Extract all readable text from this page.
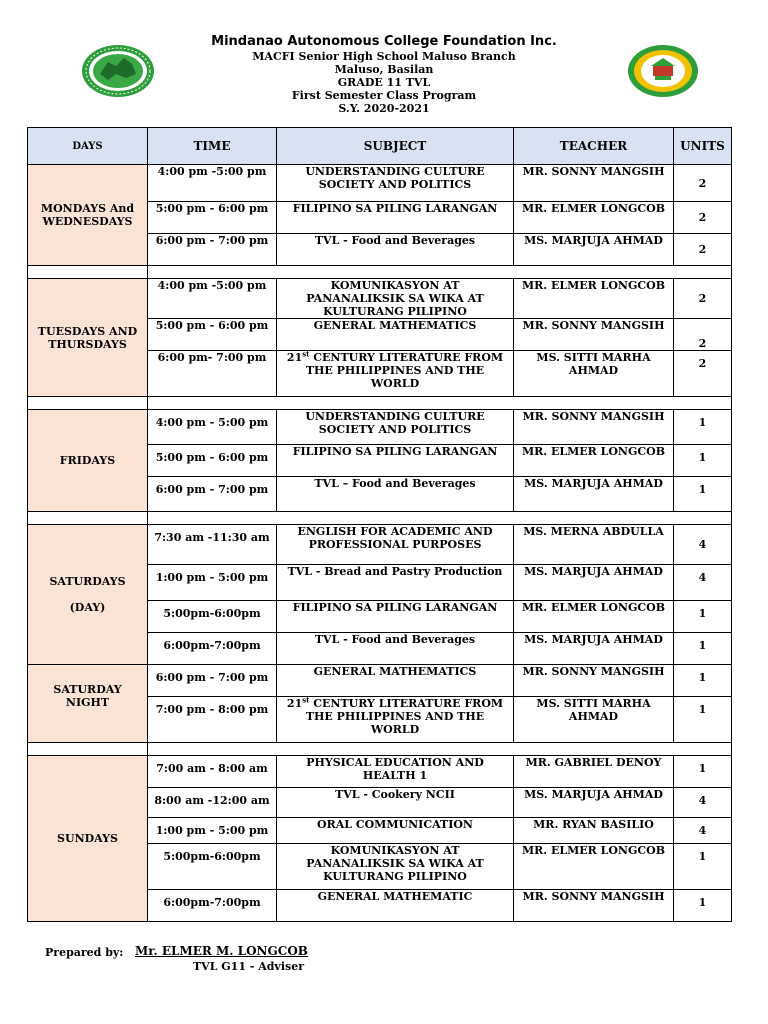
Mindanao Autonomous College Foundation Inc.
MACFI Senior High School Maluso Branch
Maluso, Basilan
GRADE 11 TVL
First Semester Class Program
S.Y. 2020-2021
DAYS	TIME	SUBJECT	TEACHER	UNITS
MONDAYS And WEDNESDAYS	4:00 pm -5:00 pm	UNDERSTANDING CULTURE SOCIETY AND POLITICS	MR. SONNY MANGSIH	2
	5:00 pm - 6:00 pm	FILIPINO SA PILING LARANGAN	MR. ELMER LONGCOB	2
	6:00 pm - 7:00 pm	TVL - Food and Beverages	MS. MARJUJA AHMAD	2

TUESDAYS AND THURSDAYS	4:00 pm -5:00 pm	KOMUNIKASYON AT PANANALIKSIK SA WIKA AT KULTURANG PILIPINO	MR. ELMER LONGCOB	2
	5:00 pm - 6:00 pm	GENERAL MATHEMATICS	MR. SONNY MANGSIH	2
	6:00 pm- 7:00 pm	21st CENTURY LITERATURE FROM THE PHILIPPINES AND THE WORLD	MS. SITTI MARHA AHMAD	2

FRIDAYS	4:00 pm - 5:00 pm	UNDERSTANDING CULTURE SOCIETY AND POLITICS	MR. SONNY MANGSIH	1
	5:00 pm - 6:00 pm	FILIPINO SA PILING LARANGAN	MR. ELMER LONGCOB	1
	6:00 pm - 7:00 pm	TVL – Food and Beverages	MS. MARJUJA AHMAD	1

SATURDAYS

(DAY)	7:30 am -11:30 am	ENGLISH FOR ACADEMIC AND PROFESSIONAL PURPOSES	MS. MERNA ABDULLA	4
	1:00 pm - 5:00 pm	TVL - Bread and Pastry Production	MS. MARJUJA AHMAD	4
	5:00pm-6:00pm	FILIPINO SA PILING LARANGAN	MR. ELMER LONGCOB	1
	6:00pm-7:00pm	TVL - Food and Beverages	MS. MARJUJA AHMAD	1
SATURDAY NIGHT	6:00 pm - 7:00 pm	GENERAL MATHEMATICS	MR. SONNY MANGSIH	1
	7:00 pm - 8:00 pm	21st CENTURY LITERATURE FROM THE PHILIPPINES AND THE WORLD	MS. SITTI MARHA AHMAD	1

SUNDAYS	7:00 am - 8:00 am	PHYSICAL EDUCATION AND HEALTH 1	MR. GABRIEL DENOY	1
	8:00 am -12:00 am	TVL - Cookery NCII	MS. MARJUJA AHMAD	4
	1:00 pm - 5:00 pm	ORAL COMMUNICATION	MR. RYAN BASILIO	4
	5:00pm-6:00pm	KOMUNIKASYON AT PANANALIKSIK SA WIKA AT KULTURANG PILIPINO	MR. ELMER LONGCOB	1
	6:00pm-7:00pm	GENERAL MATHEMATIC	MR. SONNY MANGSIH	1
Prepared by: Mr. ELMER M. LONGCOB
TVL G11 - Adviser
